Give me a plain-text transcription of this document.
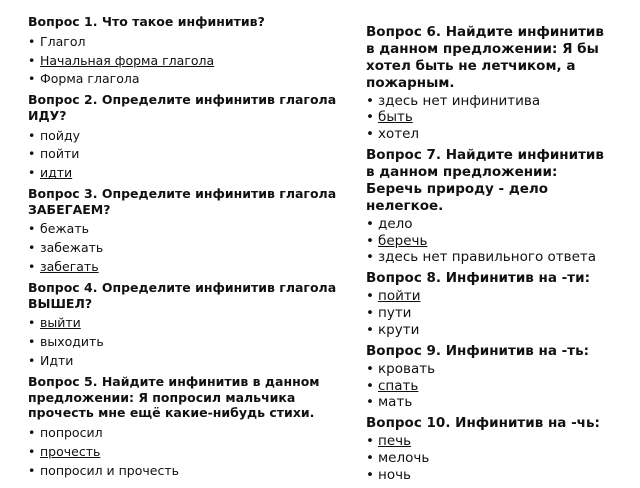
Вопрос 1. Что такое инфинитив?

• Глагол
• Начальная форма глагола
• Форма глагола

Вопрос 2. Определите инфинитив глагола ИДУ?

• пойду
• пойти
• идти

Вопрос 3. Определите инфинитив глагола ЗАБЕГАЕМ?

• бежать
• забежать
• забегать

Вопрос 4. Определите инфинитив глагола ВЫШЕЛ?

• выйти
• выходить
• Идти

Вопрос 5. Найдите инфинитив в данном предложении: Я попросил мальчика прочесть мне ещё какие-нибудь стихи.

• попросил
• прочесть
• попросил и прочесть

Вопрос 6. Найдите инфинитив в данном предложении: Я бы хотел быть не летчиком, а пожарным.

• здесь нет инфинитива
• быть
• хотел

Вопрос 7. Найдите инфинитив в данном предложении: Беречь природу - дело нелегкое.

• дело
• беречь
• здесь нет правильного ответа

Вопрос 8. Инфинитив на -ти:

• пойти
• пути
• крути

Вопрос 9. Инфинитив на -ть:

• кровать
• спать
• мать

Вопрос 10. Инфинитив на -чь:

• печь
• мелочь
• ночь
